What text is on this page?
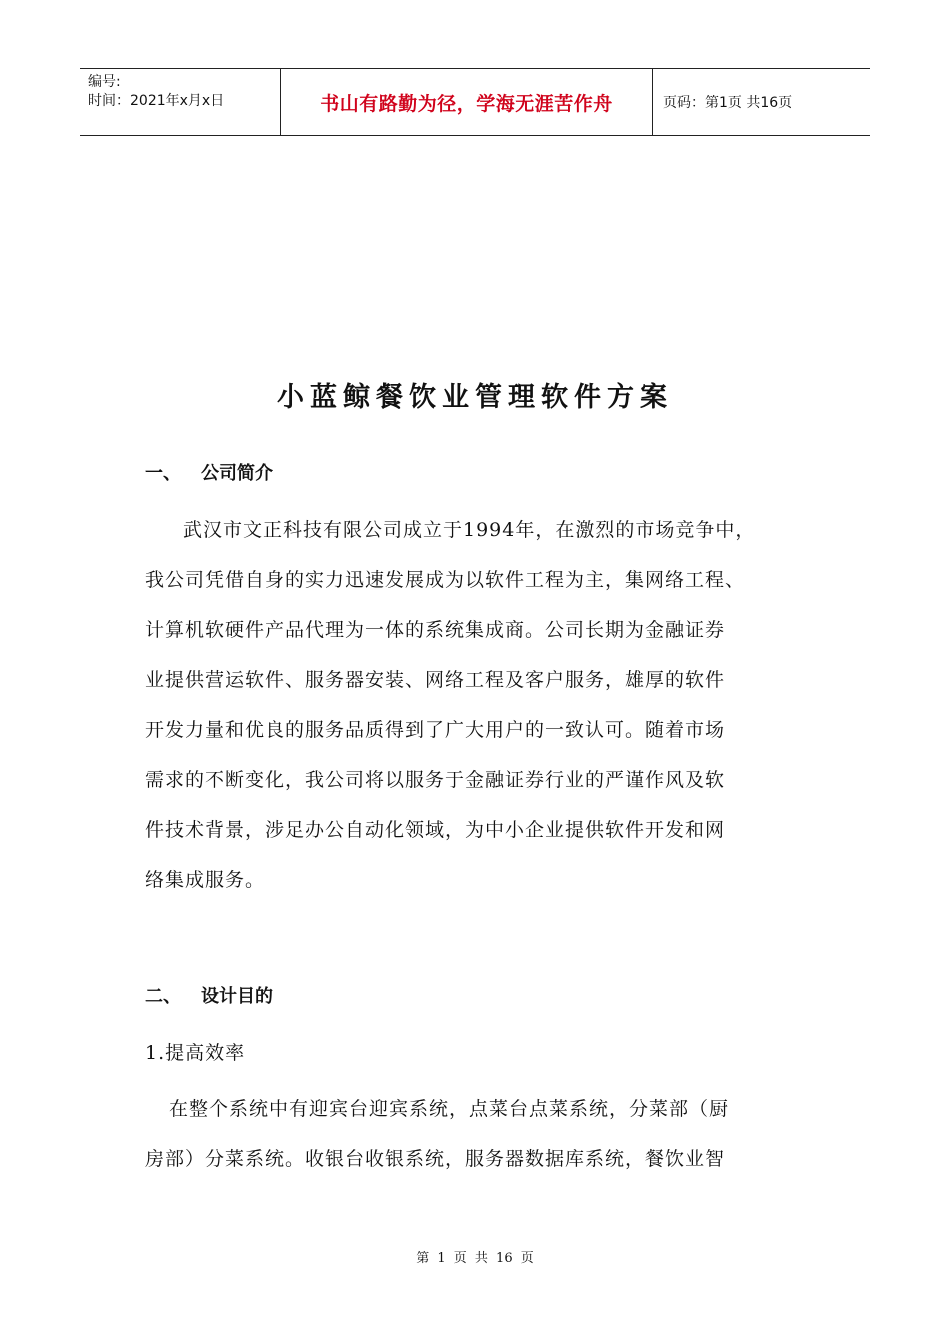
编号:
时间：2021年x月x日	书山有路勤为径，学海无涯苦作舟	页码：第1页 共16页
小蓝鲸餐饮业管理软件方案
一、 公司简介
武汉市文正科技有限公司成立于1994年，在激烈的市场竞争中，
我公司凭借自身的实力迅速发展成为以软件工程为主，集网络工程、
计算机软硬件产品代理为一体的系统集成商。公司长期为金融证券
业提供营运软件、服务器安装、网络工程及客户服务，雄厚的软件
开发力量和优良的服务品质得到了广大用户的一致认可。随着市场
需求的不断变化，我公司将以服务于金融证券行业的严谨作风及软
件技术背景，涉足办公自动化领域，为中小企业提供软件开发和网
络集成服务。
二、 设计目的
1.提高效率
在整个系统中有迎宾台迎宾系统，点菜台点菜系统，分菜部（厨
房部）分菜系统。收银台收银系统，服务器数据库系统，餐饮业智
第 1 页 共 16 页
